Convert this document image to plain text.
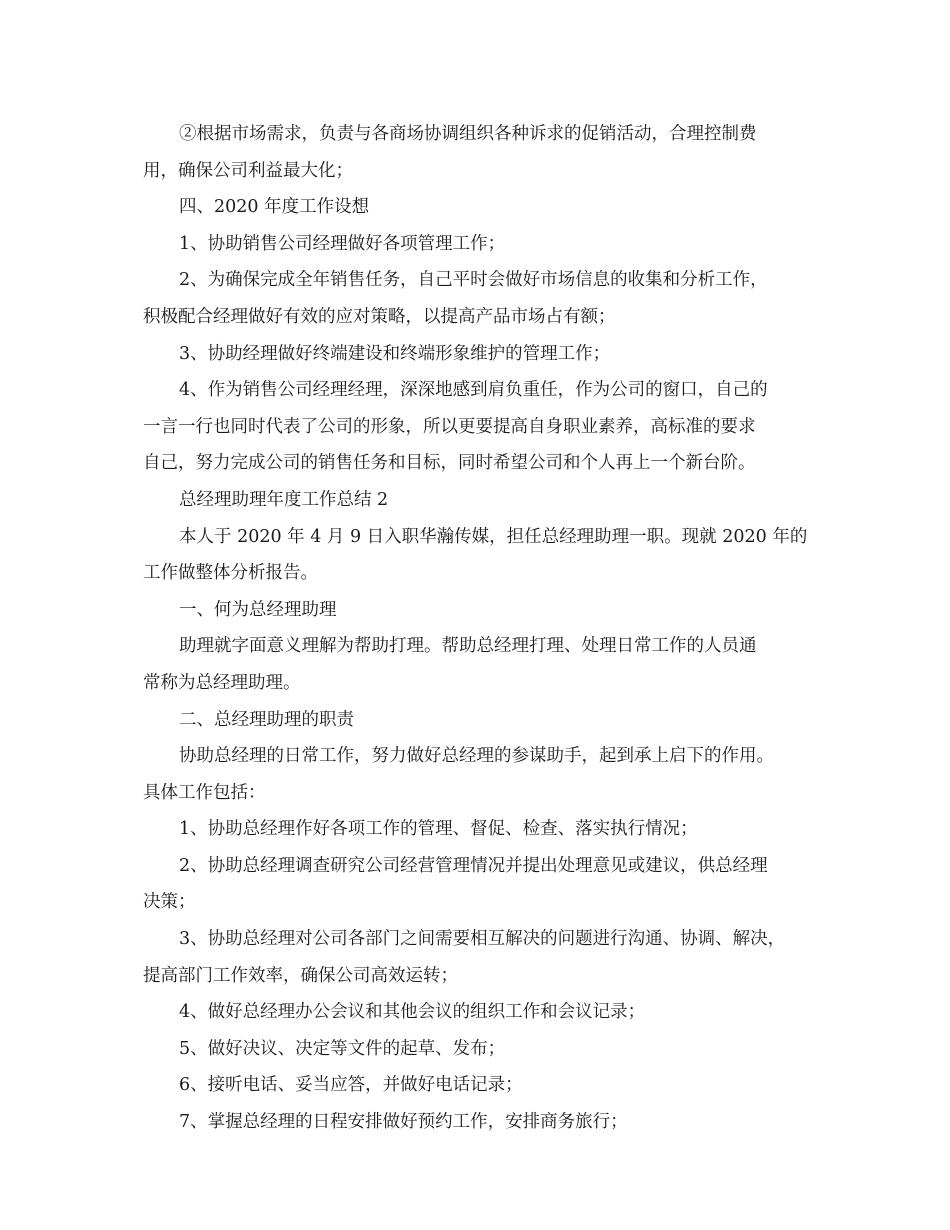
②根据市场需求，负责与各商场协调组织各种诉求的促销活动，合理控制费
用，确保公司利益最大化；
四、2020 年度工作设想
1、协助销售公司经理做好各项管理工作；
2、为确保完成全年销售任务，自己平时会做好市场信息的收集和分析工作，
积极配合经理做好有效的应对策略，以提高产品市场占有额；
3、协助经理做好终端建设和终端形象维护的管理工作；
4、作为销售公司经理经理，深深地感到肩负重任，作为公司的窗口，自己的
一言一行也同时代表了公司的形象，所以更要提高自身职业素养，高标准的要求
自己，努力完成公司的销售任务和目标，同时希望公司和个人再上一个新台阶。
总经理助理年度工作总结 2
本人于 2020 年 4 月 9 日入职华瀚传媒，担任总经理助理一职。现就 2020 年的
工作做整体分析报告。
一、何为总经理助理
助理就字面意义理解为帮助打理。帮助总经理打理、处理日常工作的人员通
常称为总经理助理。
二、总经理助理的职责
协助总经理的日常工作，努力做好总经理的参谋助手，起到承上启下的作用。
具体工作包括：
1、协助总经理作好各项工作的管理、督促、检查、落实执行情况；
2、协助总经理调查研究公司经营管理情况并提出处理意见或建议，供总经理
决策；
3、协助总经理对公司各部门之间需要相互解决的问题进行沟通、协调、解决，
提高部门工作效率，确保公司高效运转；
4、做好总经理办公会议和其他会议的组织工作和会议记录；
5、做好决议、决定等文件的起草、发布；
6、接听电话、妥当应答，并做好电话记录；
7、掌握总经理的日程安排做好预约工作，安排商务旅行；
